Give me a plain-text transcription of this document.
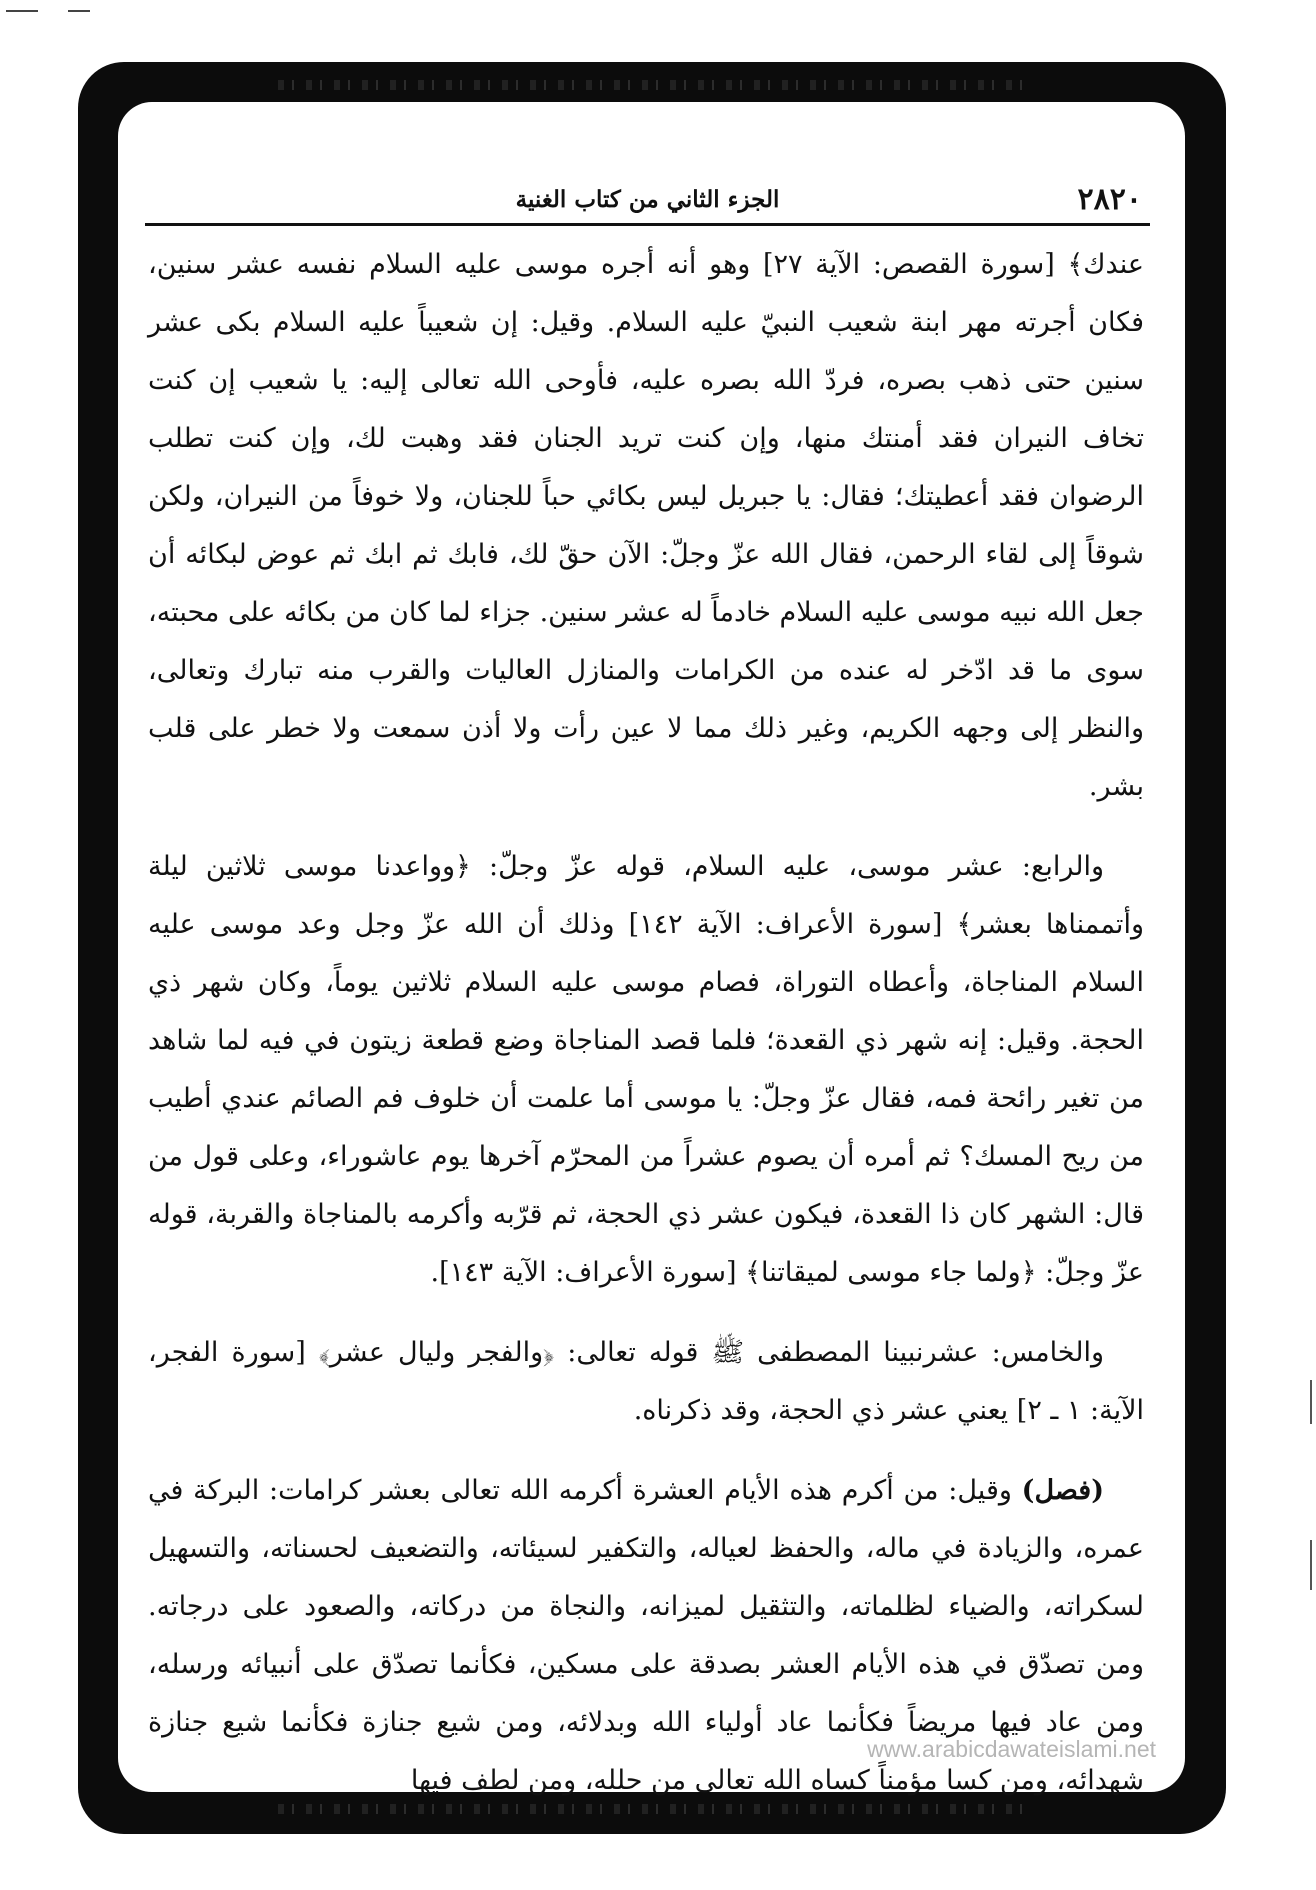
٢٨٢٠
الجزء الثاني من كتاب الغنية

عندك﴾ [سورة القصص: الآية ٢٧] وهو أنه أجره موسى عليه السلام نفسه عشر سنين، فكان أجرته مهر ابنة شعيب النبيّ عليه السلام. وقيل: إن شعيباً عليه السلام بكى عشر سنين حتى ذهب بصره، فردّ الله بصره عليه، فأوحى الله تعالى إليه: يا شعيب إن كنت تخاف النيران فقد أمنتك منها، وإن كنت تريد الجنان فقد وهبت لك، وإن كنت تطلب الرضوان فقد أعطيتك؛ فقال: يا جبريل ليس بكائي حباً للجنان، ولا خوفاً من النيران، ولكن شوقاً إلى لقاء الرحمن، فقال الله عزّ وجلّ: الآن حقّ لك، فابك ثم ابك ثم عوض لبكائه أن جعل الله نبيه موسى عليه السلام خادماً له عشر سنين. جزاء لما كان من بكائه على محبته، سوى ما قد ادّخر له عنده من الكرامات والمنازل العاليات والقرب منه تبارك وتعالى، والنظر إلى وجهه الكريم، وغير ذلك مما لا عين رأت ولا أذن سمعت ولا خطر على قلب بشر.

والرابع: عشر موسى، عليه السلام، قوله عزّ وجلّ: ﴿وواعدنا موسى ثلاثين ليلة وأتممناها بعشر﴾ [سورة الأعراف: الآية ١٤٢] وذلك أن الله عزّ وجل وعد موسى عليه السلام المناجاة، وأعطاه التوراة، فصام موسى عليه السلام ثلاثين يوماً، وكان شهر ذي الحجة. وقيل: إنه شهر ذي القعدة؛ فلما قصد المناجاة وضع قطعة زيتون في فيه لما شاهد من تغير رائحة فمه، فقال عزّ وجلّ: يا موسى أما علمت أن خلوف فم الصائم عندي أطيب من ريح المسك؟ ثم أمره أن يصوم عشراً من المحرّم آخرها يوم عاشوراء، وعلى قول من قال: الشهر كان ذا القعدة، فيكون عشر ذي الحجة، ثم قرّبه وأكرمه بالمناجاة والقربة، قوله عزّ وجلّ: ﴿ولما جاء موسى لميقاتنا﴾ [سورة الأعراف: الآية ١٤٣].

والخامس: عشرنبينا المصطفى ﷺ قوله تعالى: ﴿والفجر وليال عشر﴾ [سورة الفجر، الآية: ١ ـ ٢] يعني عشر ذي الحجة، وقد ذكرناه.

(فصل) وقيل: من أكرم هذه الأيام العشرة أكرمه الله تعالى بعشر كرامات: البركة في عمره، والزيادة في ماله، والحفظ لعياله، والتكفير لسيئاته، والتضعيف لحسناته، والتسهيل لسكراته، والضياء لظلماته، والتثقيل لميزانه، والنجاة من دركاته، والصعود على درجاته. ومن تصدّق في هذه الأيام العشر بصدقة على مسكين، فكأنما تصدّق على أنبيائه ورسله، ومن عاد فيها مريضاً فكأنما عاد أولياء الله وبدلائه، ومن شيع جنازة فكأنما شيع جنازة شهدائه، ومن كسا مؤمناً كساه الله تعالى من حلله، ومن لطف فيها

www.arabicdawateislami.net
